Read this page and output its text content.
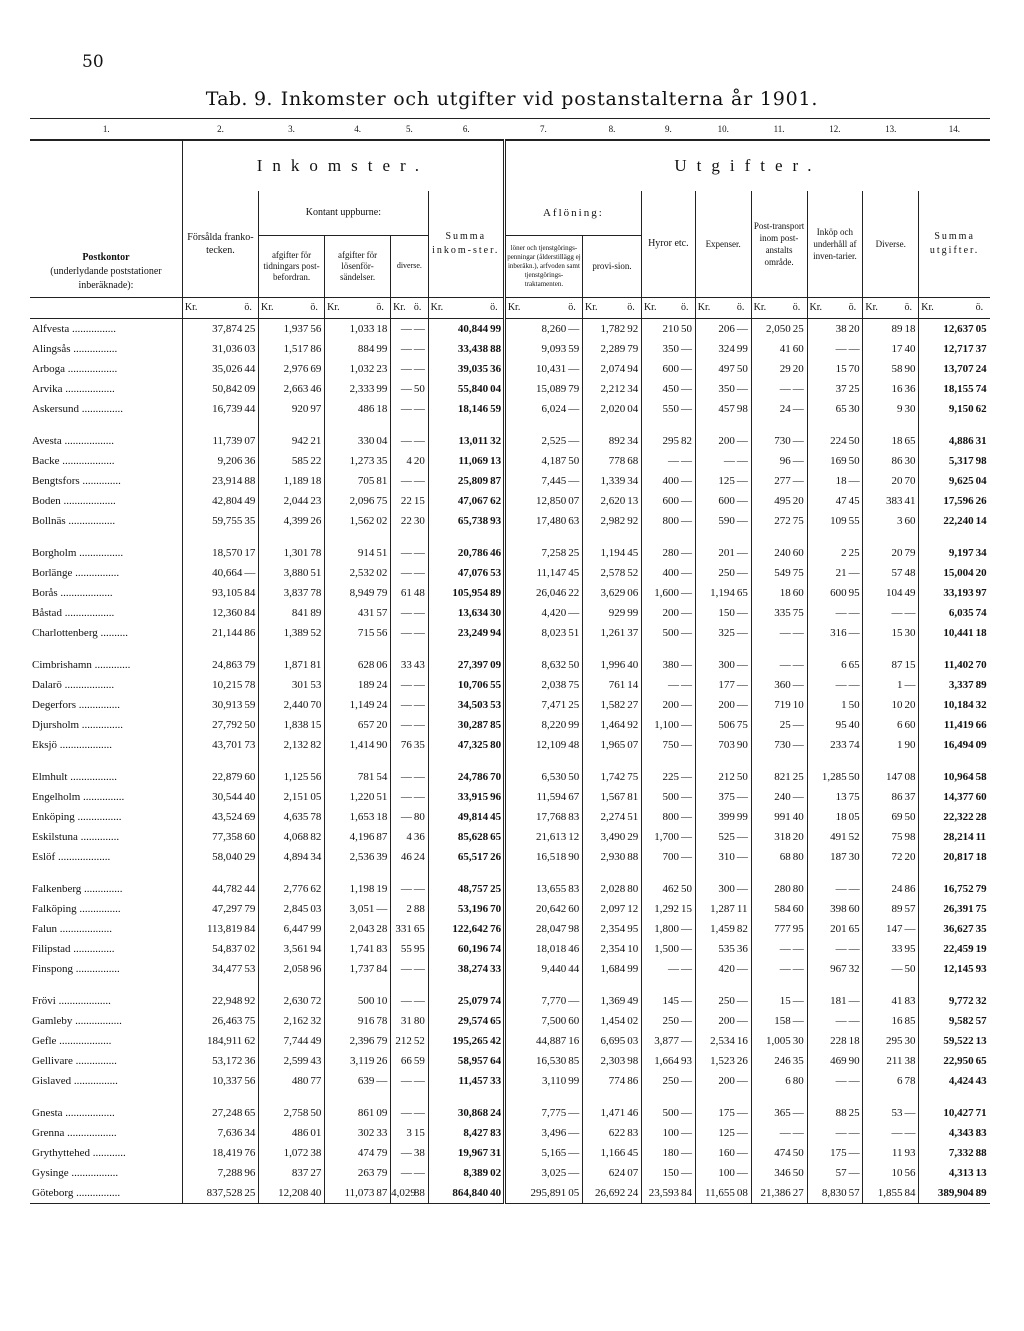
50
Tab. 9. Inkomster och utgifter vid postanstalterna år 1901.
1.	2.		3.		4.		5.		6.		7.		8.		9.		10.		11.		12.		13.		14.	

Postkontor
(underlydande poststationer inberäknade):	Inkomster.										Utgifter.															
	Försålda franko-tecken.		Kontant uppburne:						Summa inkom-ster.		Aflöning:				Hyror etc.		Expenser.		Post-transport inom post-anstalts område.		Inköp och underhåll af inven-tarier.		Diverse.		Summa utgifter.	
			afgifter för tidningars post-befordran.		afgifter för lösenför-sändelser.		diverse.				löner och tjenstgörings-penningar (ålderstillägg ej inberäkn.), arfvoden samt tjenstgörings-traktamenten.		provi-sion.													
	Kr.	ö.	Kr.	ö.	Kr.	ö.	Kr.	ö.	Kr.	ö.	Kr.	ö.	Kr.	ö.	Kr.	ö.	Kr.	ö.	Kr.	ö.	Kr.	ö.	Kr.	ö.	Kr.	ö.
Alfvesta ................	37,874	25	1,937	56	1,033	18	—	—	40,844	99	8,260	—	1,782	92	210	50	206	—	2,050	25	38	20	89	18	12,637	05
Alingsås ................	31,036	03	1,517	86	884	99	—	—	33,438	88	9,093	59	2,289	79	350	—	324	99	41	60	—	—	17	40	12,717	37
Arboga ..................	35,026	44	2,976	69	1,032	23	—	—	39,035	36	10,431	—	2,074	94	600	—	497	50	29	20	15	70	58	90	13,707	24
Arvika ..................	50,842	09	2,663	46	2,333	99	—	50	55,840	04	15,089	79	2,212	34	450	—	350	—	—	—	37	25	16	36	18,155	74
Askersund ...............	16,739	44	920	97	486	18	—	—	18,146	59	6,024	—	2,020	04	550	—	457	98	24	—	65	30	9	30	9,150	62

Avesta ..................	11,739	07	942	21	330	04	—	—	13,011	32	2,525	—	892	34	295	82	200	—	730	—	224	50	18	65	4,886	31
Backe ...................	9,206	36	585	22	1,273	35	4	20	11,069	13	4,187	50	778	68	—	—	—	—	96	—	169	50	86	30	5,317	98
Bengtsfors ..............	23,914	88	1,189	18	705	81	—	—	25,809	87	7,445	—	1,339	34	400	—	125	—	277	—	18	—	20	70	9,625	04
Boden ...................	42,804	49	2,044	23	2,096	75	22	15	47,067	62	12,850	07	2,620	13	600	—	600	—	495	20	47	45	383	41	17,596	26
Bollnäs .................	59,755	35	4,399	26	1,562	02	22	30	65,738	93	17,480	63	2,982	92	800	—	590	—	272	75	109	55	3	60	22,240	14

Borgholm ................	18,570	17	1,301	78	914	51	—	—	20,786	46	7,258	25	1,194	45	280	—	201	—	240	60	2	25	20	79	9,197	34
Borlänge ................	40,664	—	3,880	51	2,532	02	—	—	47,076	53	11,147	45	2,578	52	400	—	250	—	549	75	21	—	57	48	15,004	20
Borås ...................	93,105	84	3,837	78	8,949	79	61	48	105,954	89	26,046	22	3,629	06	1,600	—	1,194	65	18	60	600	95	104	49	33,193	97
Båstad ..................	12,360	84	841	89	431	57	—	—	13,634	30	4,420	—	929	99	200	—	150	—	335	75	—	—	—	—	6,035	74
Charlottenberg ..........	21,144	86	1,389	52	715	56	—	—	23,249	94	8,023	51	1,261	37	500	—	325	—	—	—	316	—	15	30	10,441	18

Cimbrishamn .............	24,863	79	1,871	81	628	06	33	43	27,397	09	8,632	50	1,996	40	380	—	300	—	—	—	6	65	87	15	11,402	70
Dalarö ..................	10,215	78	301	53	189	24	—	—	10,706	55	2,038	75	761	14	—	—	177	—	360	—	—	—	1	—	3,337	89
Degerfors ...............	30,913	59	2,440	70	1,149	24	—	—	34,503	53	7,471	25	1,582	27	200	—	200	—	719	10	1	50	10	20	10,184	32
Djursholm ...............	27,792	50	1,838	15	657	20	—	—	30,287	85	8,220	99	1,464	92	1,100	—	506	75	25	—	95	40	6	60	11,419	66
Eksjö ...................	43,701	73	2,132	82	1,414	90	76	35	47,325	80	12,109	48	1,965	07	750	—	703	90	730	—	233	74	1	90	16,494	09

Elmhult .................	22,879	60	1,125	56	781	54	—	—	24,786	70	6,530	50	1,742	75	225	—	212	50	821	25	1,285	50	147	08	10,964	58
Engelholm ...............	30,544	40	2,151	05	1,220	51	—	—	33,915	96	11,594	67	1,567	81	500	—	375	—	240	—	13	75	86	37	14,377	60
Enköping ................	43,524	69	4,635	78	1,653	18	—	80	49,814	45	17,768	83	2,274	51	800	—	399	99	991	40	18	05	69	50	22,322	28
Eskilstuna ..............	77,358	60	4,068	82	4,196	87	4	36	85,628	65	21,613	12	3,490	29	1,700	—	525	—	318	20	491	52	75	98	28,214	11
Eslöf ...................	58,040	29	4,894	34	2,536	39	46	24	65,517	26	16,518	90	2,930	88	700	—	310	—	68	80	187	30	72	20	20,817	18

Falkenberg ..............	44,782	44	2,776	62	1,198	19	—	—	48,757	25	13,655	83	2,028	80	462	50	300	—	280	80	—	—	24	86	16,752	79
Falköping ...............	47,297	79	2,845	03	3,051	—	2	88	53,196	70	20,642	60	2,097	12	1,292	15	1,287	11	584	60	398	60	89	57	26,391	75
Falun ...................	113,819	84	6,447	99	2,043	28	331	65	122,642	76	28,047	98	2,354	95	1,800	—	1,459	82	777	95	201	65	147	—	36,627	35
Filipstad ...............	54,837	02	3,561	94	1,741	83	55	95	60,196	74	18,018	46	2,354	10	1,500	—	535	36	—	—	—	—	33	95	22,459	19
Finspong ................	34,477	53	2,058	96	1,737	84	—	—	38,274	33	9,440	44	1,684	99	—	—	420	—	—	—	967	32	—	50	12,145	93

Frövi ...................	22,948	92	2,630	72	500	10	—	—	25,079	74	7,770	—	1,369	49	145	—	250	—	15	—	181	—	41	83	9,772	32
Gamleby .................	26,463	75	2,162	32	916	78	31	80	29,574	65	7,500	60	1,454	02	250	—	200	—	158	—	—	—	16	85	9,582	57
Gefle ...................	184,911	62	7,744	49	2,396	79	212	52	195,265	42	44,887	16	6,695	03	3,877	—	2,534	16	1,005	30	228	18	295	30	59,522	13
Gellivare ...............	53,172	36	2,599	43	3,119	26	66	59	58,957	64	16,530	85	2,303	98	1,664	93	1,523	26	246	35	469	90	211	38	22,950	65
Gislaved ................	10,337	56	480	77	639	—	—	—	11,457	33	3,110	99	774	86	250	—	200	—	6	80	—	—	6	78	4,424	43

Gnesta ..................	27,248	65	2,758	50	861	09	—	—	30,868	24	7,775	—	1,471	46	500	—	175	—	365	—	88	25	53	—	10,427	71
Grenna ..................	7,636	34	486	01	302	33	3	15	8,427	83	3,496	—	622	83	100	—	125	—	—	—	—	—	—	—	4,343	83
Grythyttehed ............	18,419	76	1,072	38	474	79	—	38	19,967	31	5,165	—	1,166	45	180	—	160	—	474	50	175	—	11	93	7,332	88
Gysinge .................	7,288	96	837	27	263	79	—	—	8,389	02	3,025	—	624	07	150	—	100	—	346	50	57	—	10	56	4,313	13
Göteborg ................	837,528	25	12,208	40	11,073	87	4,029	88	864,840	40	295,891	05	26,692	24	23,593	84	11,655	08	21,386	27	8,830	57	1,855	84	389,904	89
